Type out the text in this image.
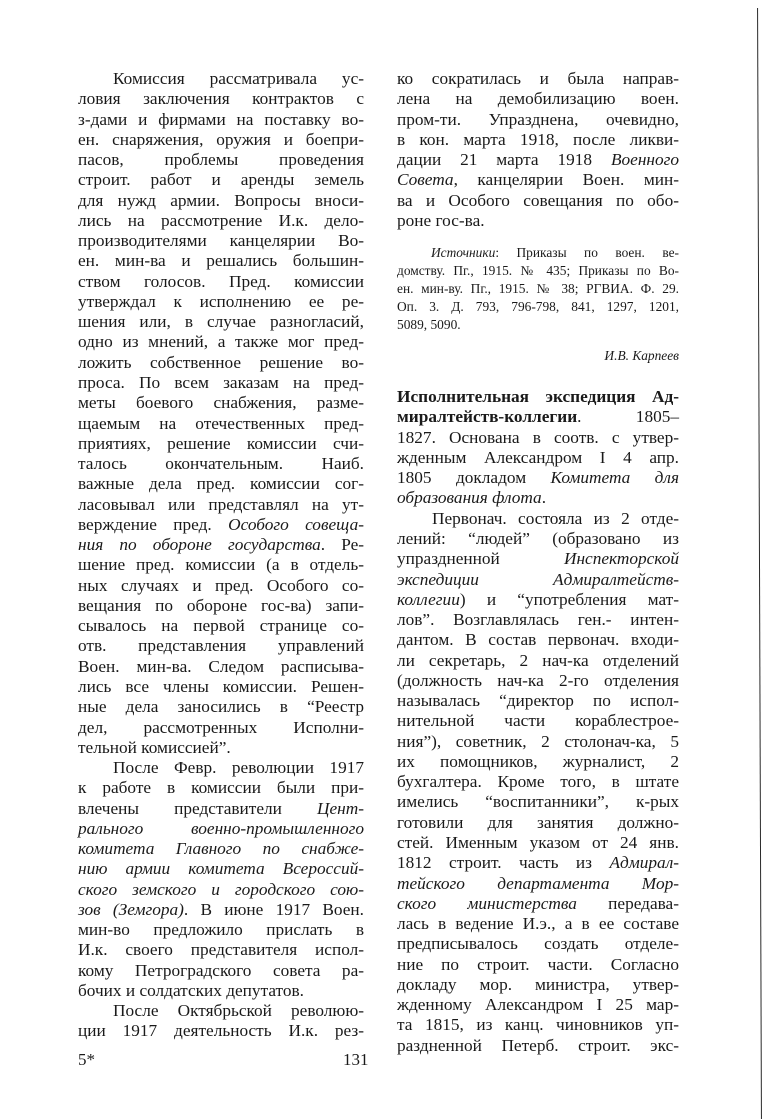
Комиссия рассматривала ус-
ловия заключения контрактов с
з-дами и фирмами на поставку во-
ен. снаряжения, оружия и боепри-
пасов, проблемы проведения
строит. работ и аренды земель
для нужд армии. Вопросы вноси-
лись на рассмотрение И.к. дело-
производителями канцелярии Во-
ен. мин-ва и решались большин-
ством голосов. Пред. комиссии
утверждал к исполнению ее ре-
шения или, в случае разногласий,
одно из мнений, а также мог пред-
ложить собственное решение во-
проса. По всем заказам на пред-
меты боевого снабжения, разме-
щаемым на отечественных пред-
приятиях, решение комиссии счи-
талось окончательным. Наиб.
важные дела пред. комиссии сог-
ласовывал или представлял на ут-
верждение пред. Особого совеща-
ния по обороне государства. Ре-
шение пред. комиссии (а в отдель-
ных случаях и пред. Особого со-
вещания по обороне гос-ва) запи-
сывалось на первой странице со-
отв. представления управлений
Воен. мин-ва. Следом расписыва-
лись все члены комиссии. Решен-
ные дела заносились в “Реестр
дел, рассмотренных Исполни-
тельной комиссией”.
После Февр. революции 1917
к работе в комиссии были при-
влечены представители Цент-
рального военно-промышленного
комитета Главного по снабже-
нию армии комитета Всероссий-
ского земского и городского сою-
зов (Земгора). В июне 1917 Воен.
мин-во предложило прислать в
И.к. своего представителя испол-
кому Петроградского совета ра-
бочих и солдатских депутатов.
После Октябрьской революю-
ции 1917 деятельность И.к. рез-
ко сократилась и была направ-
лена на демобилизацию воен.
пром-ти. Упразднена, очевидно,
в кон. марта 1918, после ликви-
дации 21 марта 1918 Военного
Совета, канцелярии Воен. мин-
ва и Особого совещания по обо-
роне гос-ва.
Источники: Приказы по воен. ве-
домству. Пг., 1915. № 435; Приказы по Во-
ен. мин-ву. Пг., 1915. № 38; РГВИА. Ф. 29.
Оп. 3. Д. 793, 796-798, 841, 1297, 1201,
5089, 5090.
И.В. Карпеев
Исполнительная экспедиция Ад-
миралтейств-коллегии. 1805–
1827. Основана в соотв. с утвер-
жденным Александром I 4 апр.
1805 докладом Комитета для
образования флота.
Первонач. состояла из 2 отде-
лений: “людей” (образовано из
упраздненной Инспекторской
экспедиции Адмиралтейств-
коллегии) и “употребления мат-
лов”. Возглавлялась ген.- интен-
дантом. В состав первонач. входи-
ли секретарь, 2 нач-ка отделений
(должность нач-ка 2-го отделения
называлась “директор по испол-
нительной части кораблестрое-
ния”), советник, 2 столонач-ка, 5
их помощников, журналист, 2
бухгалтера. Кроме того, в штате
имелись “воспитанники”, к-рых
готовили для занятия должно-
стей. Именным указом от 24 янв.
1812 строит. часть из Адмирал-
тейского департамента Мор-
ского министерства передава-
лась в ведение И.э., а в ее составе
предписывалось создать отделе-
ние по строит. части. Согласно
докладу мор. министра, утвер-
жденному Александром I 25 мар-
та 1815, из канц. чиновников уп-
раздненной Петерб. строит. экс-
5*	131
